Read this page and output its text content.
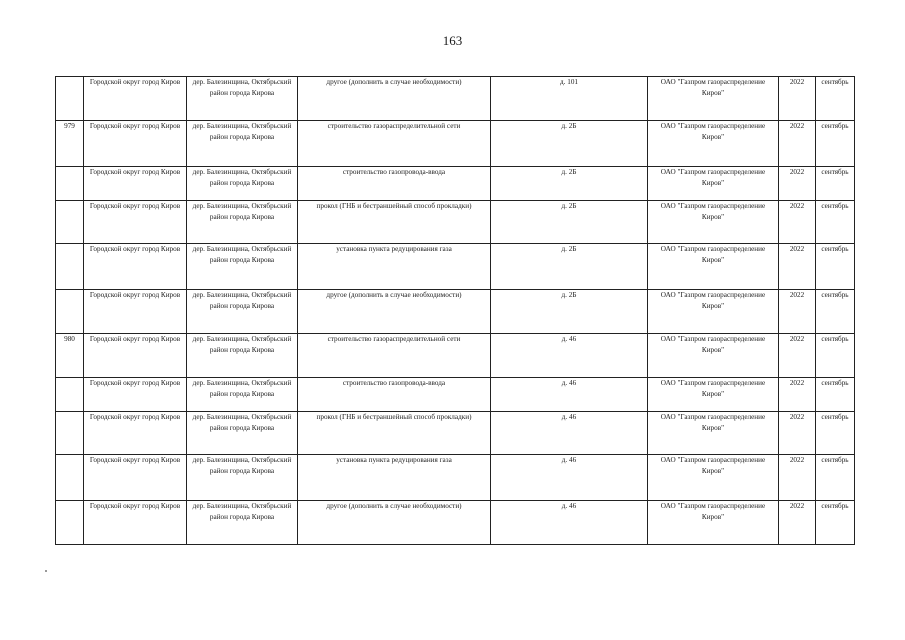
163
	Городской округ город Киров	дер. Балезинщина, Октябрьский район города Кирова	другое (дополнить в случае необходимости)	д. 101	ОАО "Газпром газораспределение Киров"	2022	сентябрь
979	Городской округ город Киров	дер. Балезинщина, Октябрьский район города Кирова	строительство газораспределительной сети	д. 2Б	ОАО "Газпром газораспределение Киров"	2022	сентябрь
	Городской округ город Киров	дер. Балезинщина, Октябрьский район города Кирова	строительство газопровода-ввода	д. 2Б	ОАО "Газпром газораспределение Киров"	2022	сентябрь
	Городской округ город Киров	дер. Балезинщина, Октябрьский район города Кирова	прокол (ГНБ и бестраншейный способ прокладки)	д. 2Б	ОАО "Газпром газораспределение Киров"	2022	сентябрь
	Городской округ город Киров	дер. Балезинщина, Октябрьский район города Кирова	установка пункта редуцирования газа	д. 2Б	ОАО "Газпром газораспределение Киров"	2022	сентябрь
	Городской округ город Киров	дер. Балезинщина, Октябрьский район города Кирова	другое (дополнить в случае необходимости)	д. 2Б	ОАО "Газпром газораспределение Киров"	2022	сентябрь
980	Городской округ город Киров	дер. Балезинщина, Октябрьский район города Кирова	строительство газораспределительной сети	д. 46	ОАО "Газпром газораспределение Киров"	2022	сентябрь
	Городской округ город Киров	дер. Балезинщина, Октябрьский район города Кирова	строительство газопровода-ввода	д. 46	ОАО "Газпром газораспределение Киров"	2022	сентябрь
	Городской округ город Киров	дер. Балезинщина, Октябрьский район города Кирова	прокол (ГНБ и бестраншейный способ прокладки)	д. 46	ОАО "Газпром газораспределение Киров"	2022	сентябрь
	Городской округ город Киров	дер. Балезинщина, Октябрьский район города Кирова	установка пункта редуцирования газа	д. 46	ОАО "Газпром газораспределение Киров"	2022	сентябрь
	Городской округ город Киров	дер. Балезинщина, Октябрьский район города Кирова	другое (дополнить в случае необходимости)	д. 46	ОАО "Газпром газораспределение Киров"	2022	сентябрь
